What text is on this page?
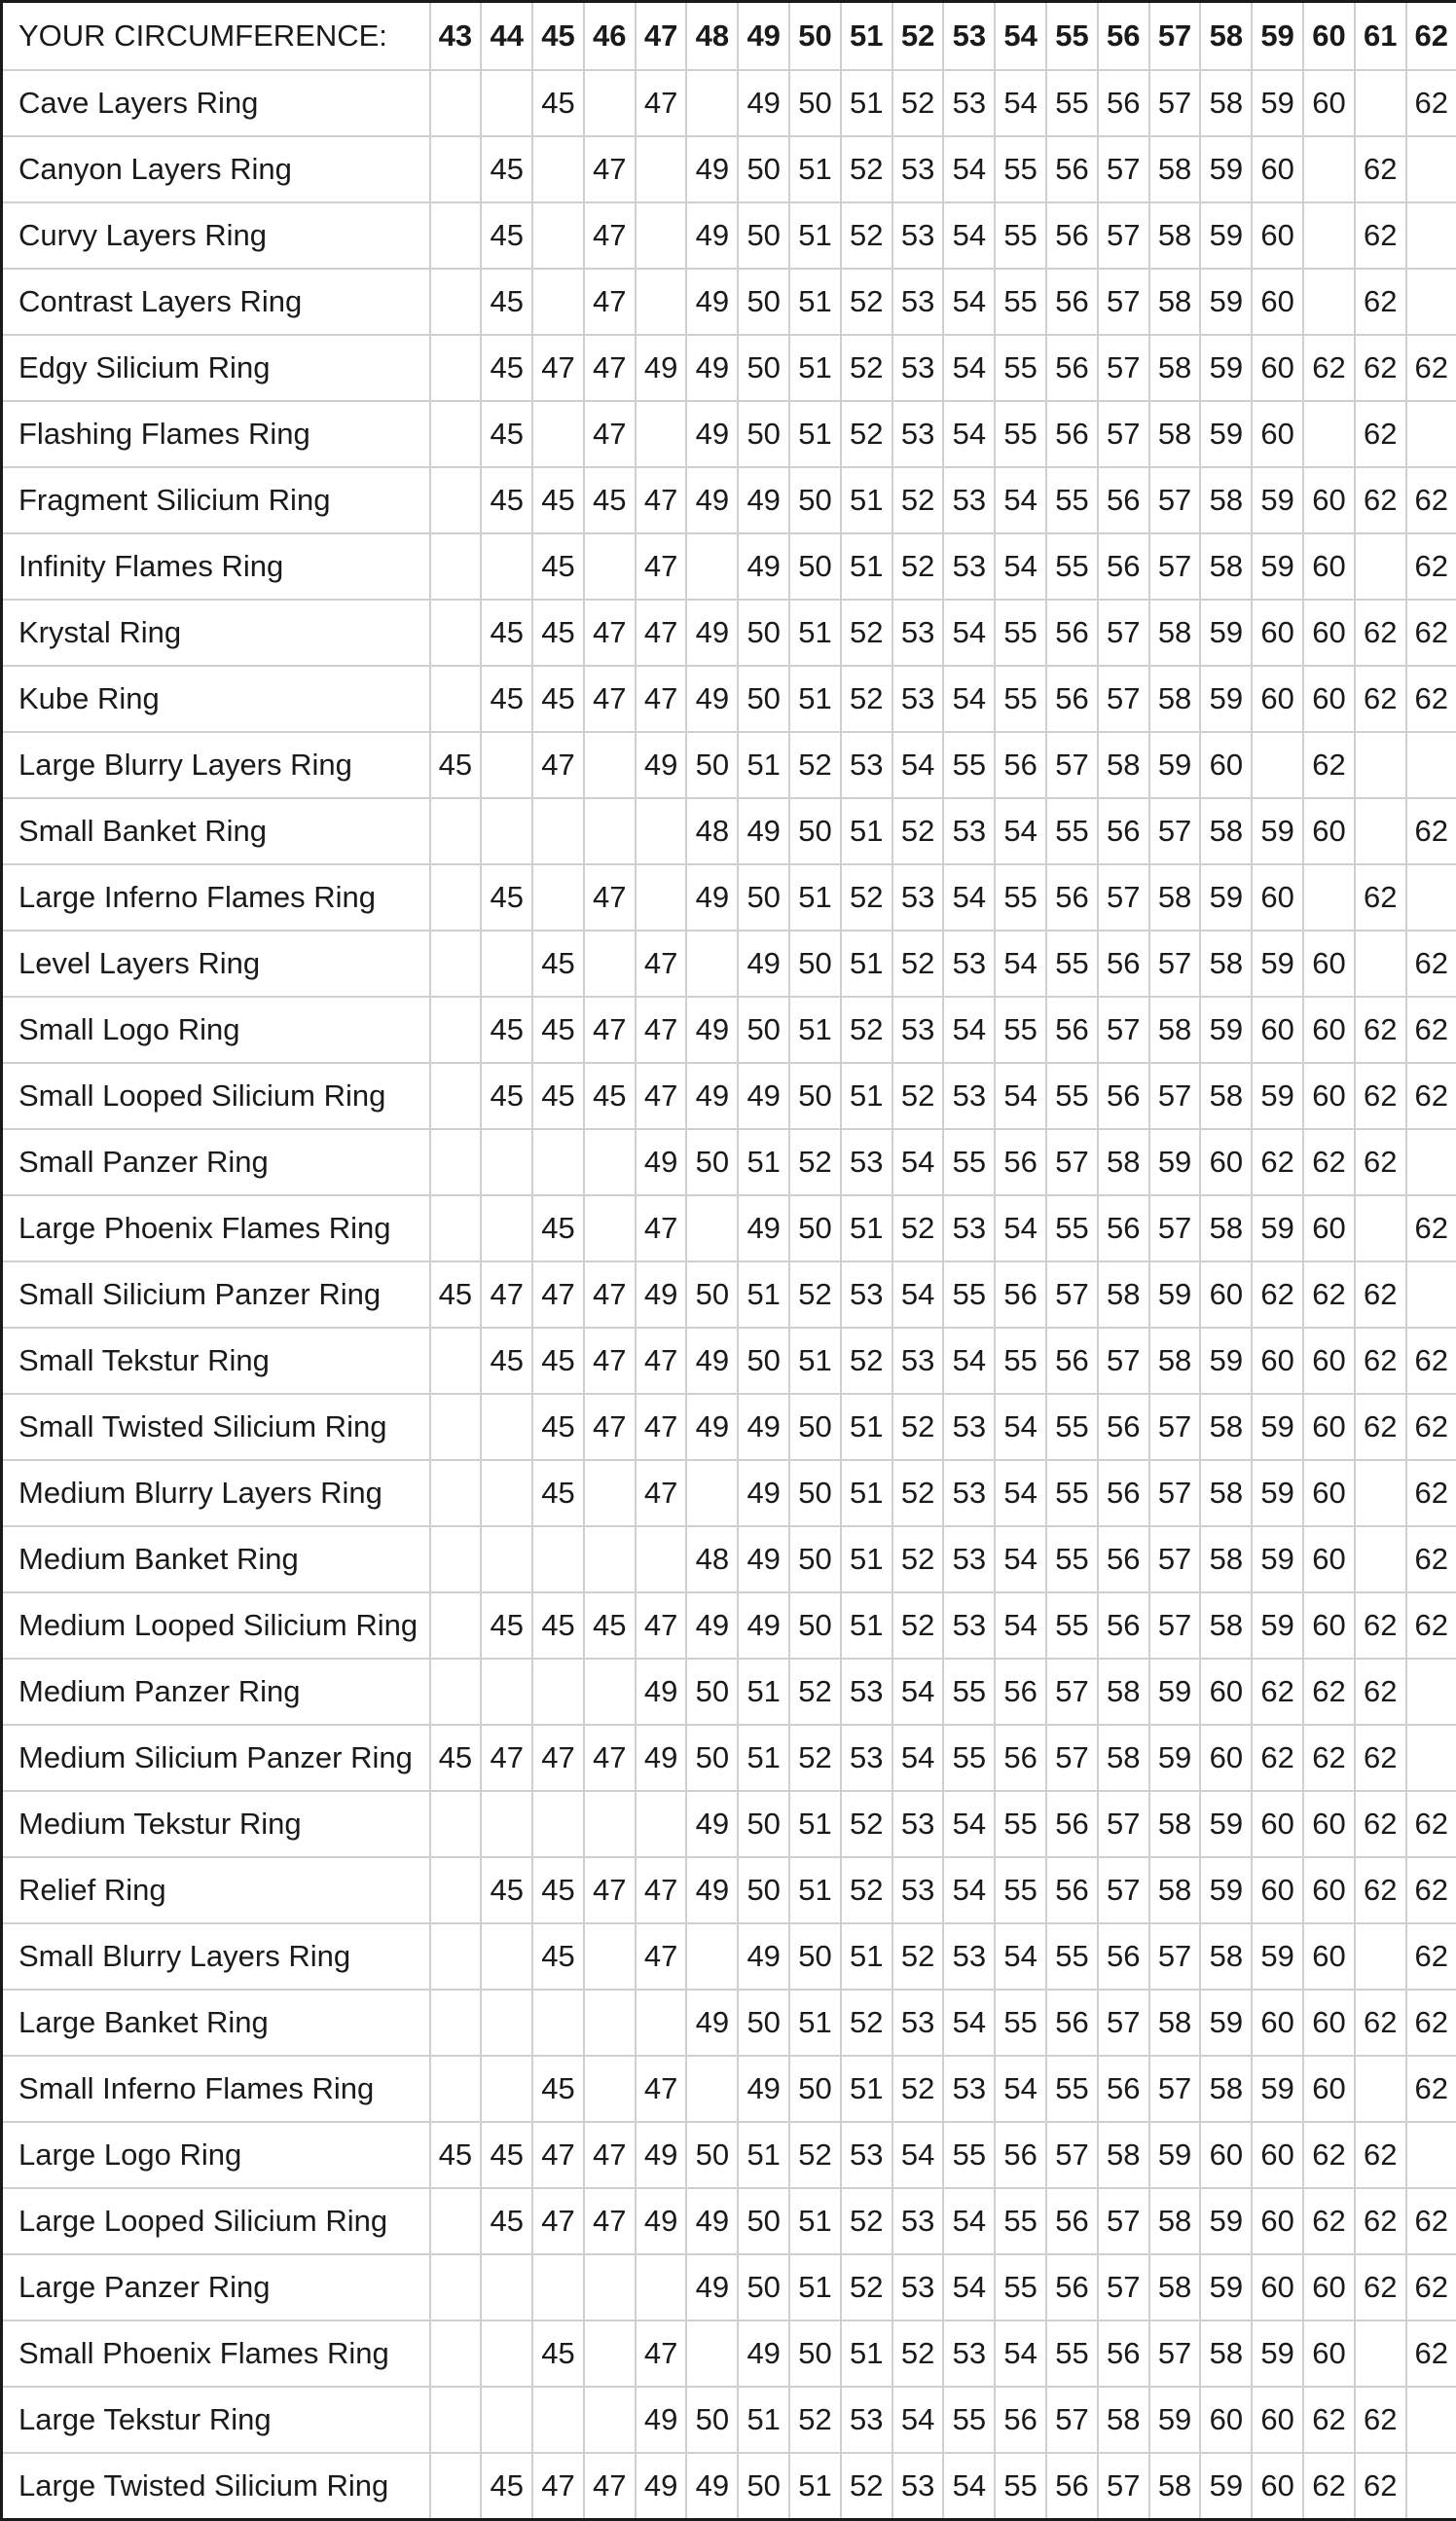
YOUR CIRCUMFERENCE:	43	44	45	46	47	48	49	50	51	52	53	54	55	56	57	58	59	60	61	62
Cave Layers Ring			45		47		49	50	51	52	53	54	55	56	57	58	59	60		62
Canyon Layers Ring		45		47		49	50	51	52	53	54	55	56	57	58	59	60		62	
Curvy Layers Ring		45		47		49	50	51	52	53	54	55	56	57	58	59	60		62	
Contrast Layers Ring		45		47		49	50	51	52	53	54	55	56	57	58	59	60		62	
Edgy Silicium Ring		45	47	47	49	49	50	51	52	53	54	55	56	57	58	59	60	62	62	62
Flashing Flames Ring		45		47		49	50	51	52	53	54	55	56	57	58	59	60		62	
Fragment Silicium Ring		45	45	45	47	49	49	50	51	52	53	54	55	56	57	58	59	60	62	62
Infinity Flames Ring			45		47		49	50	51	52	53	54	55	56	57	58	59	60		62
Krystal Ring		45	45	47	47	49	50	51	52	53	54	55	56	57	58	59	60	60	62	62
Kube Ring		45	45	47	47	49	50	51	52	53	54	55	56	57	58	59	60	60	62	62
Large Blurry Layers Ring	45		47		49	50	51	52	53	54	55	56	57	58	59	60		62		
Small Banket Ring						48	49	50	51	52	53	54	55	56	57	58	59	60		62
Large Inferno Flames Ring		45		47		49	50	51	52	53	54	55	56	57	58	59	60		62	
Level Layers Ring			45		47		49	50	51	52	53	54	55	56	57	58	59	60		62
Small Logo Ring		45	45	47	47	49	50	51	52	53	54	55	56	57	58	59	60	60	62	62
Small Looped Silicium Ring		45	45	45	47	49	49	50	51	52	53	54	55	56	57	58	59	60	62	62
Small Panzer Ring					49	50	51	52	53	54	55	56	57	58	59	60	62	62	62	
Large Phoenix Flames Ring			45		47		49	50	51	52	53	54	55	56	57	58	59	60		62
Small Silicium Panzer Ring	45	47	47	47	49	50	51	52	53	54	55	56	57	58	59	60	62	62	62	
Small Tekstur Ring		45	45	47	47	49	50	51	52	53	54	55	56	57	58	59	60	60	62	62
Small Twisted Silicium Ring			45	47	47	49	49	50	51	52	53	54	55	56	57	58	59	60	62	62
Medium Blurry Layers Ring			45		47		49	50	51	52	53	54	55	56	57	58	59	60		62
Medium Banket Ring						48	49	50	51	52	53	54	55	56	57	58	59	60		62
Medium Looped Silicium Ring		45	45	45	47	49	49	50	51	52	53	54	55	56	57	58	59	60	62	62
Medium Panzer Ring					49	50	51	52	53	54	55	56	57	58	59	60	62	62	62	
Medium Silicium Panzer Ring	45	47	47	47	49	50	51	52	53	54	55	56	57	58	59	60	62	62	62	
Medium Tekstur Ring						49	50	51	52	53	54	55	56	57	58	59	60	60	62	62
Relief Ring		45	45	47	47	49	50	51	52	53	54	55	56	57	58	59	60	60	62	62
Small Blurry Layers Ring			45		47		49	50	51	52	53	54	55	56	57	58	59	60		62
Large Banket Ring						49	50	51	52	53	54	55	56	57	58	59	60	60	62	62
Small Inferno Flames Ring			45		47		49	50	51	52	53	54	55	56	57	58	59	60		62
Large Logo Ring	45	45	47	47	49	50	51	52	53	54	55	56	57	58	59	60	60	62	62	
Large Looped Silicium Ring		45	47	47	49	49	50	51	52	53	54	55	56	57	58	59	60	62	62	62
Large Panzer Ring						49	50	51	52	53	54	55	56	57	58	59	60	60	62	62
Small Phoenix Flames Ring			45		47		49	50	51	52	53	54	55	56	57	58	59	60		62
Large Tekstur Ring					49	50	51	52	53	54	55	56	57	58	59	60	60	62	62	
Large Twisted Silicium Ring		45	47	47	49	49	50	51	52	53	54	55	56	57	58	59	60	62	62	
